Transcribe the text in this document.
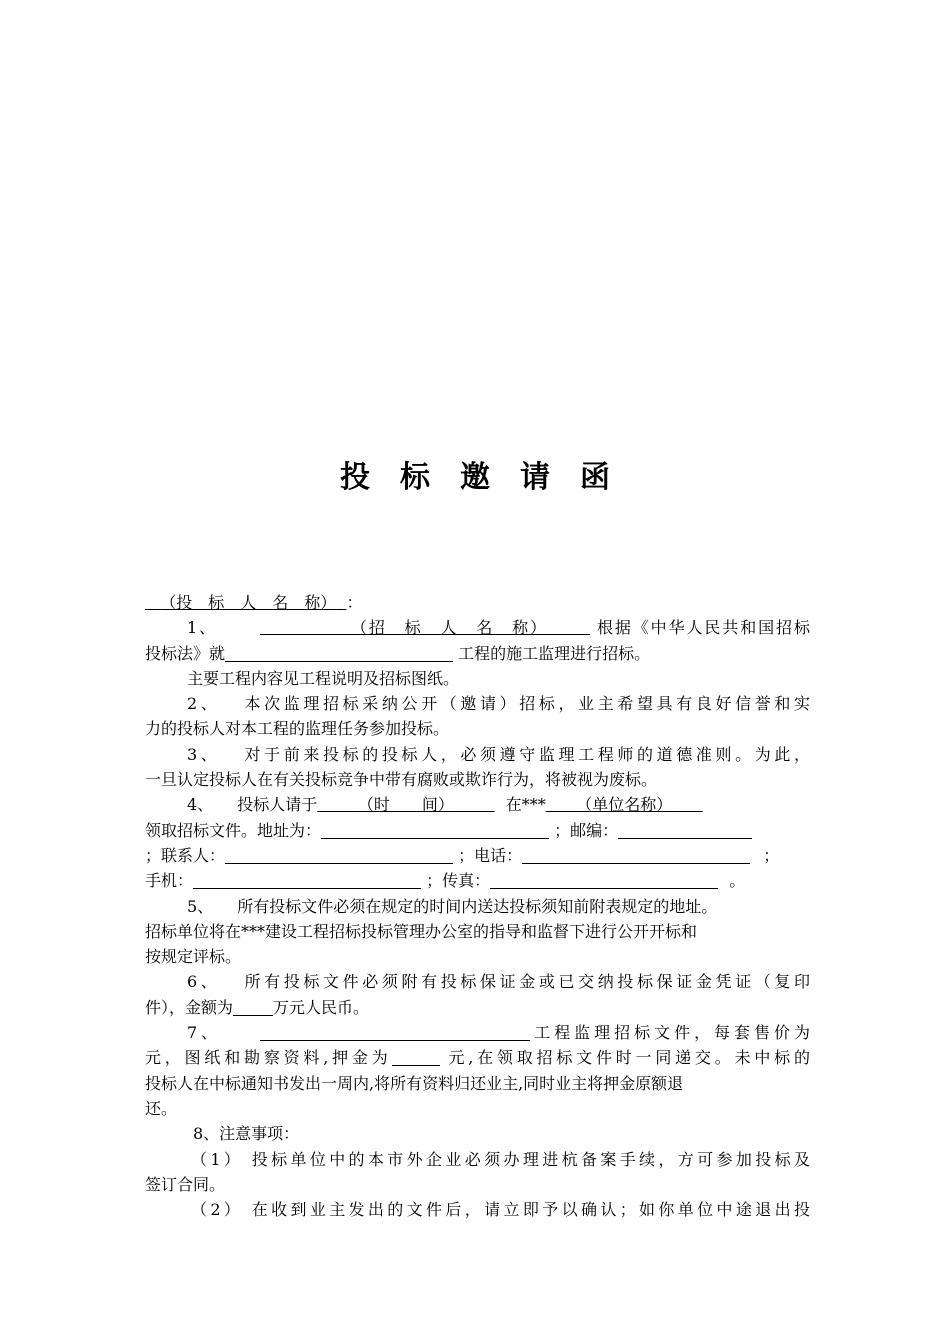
投标邀请函
（投　标　人　名　称） ：
1、	（招　标　人　名　称）	根据《中华人民共和国招标
投标法》就	工程的施工监理进行招标。
主要工程内容见工程说明及招标图纸。
2、 本次监理招标采纳公开（邀请）招标，业主希望具有良好信誉和实
力的投标人对本工程的监理任务参加投标。
3、 对于前来投标的投标人，必须遵守监理工程师的道德准则。为此，
一旦认定投标人在有关投标竞争中带有腐败或欺诈行为，将被视为废标。
4、 投标人请于	（时　　间）	在*** （单位名称）
领取招标文件。地址为：	；邮编：
；联系人：	；电话：	；
手机：	；传真：	。
5、 所有投标文件必须在规定的时间内送达投标须知前附表规定的地址。
招标单位将在***建设工程招标投标管理办公室的指导和监督下进行公开开标和
按规定评标。
6、 所有投标文件必须附有投标保证金或已交纳投标保证金凭证（复印
件），金额为	万元人民币。
7、	工程监理招标文件，每套售价为
元，图纸和勘察资料,押金为	元,在领取招标文件时一同递交。未中标的
投标人在中标通知书发出一周内,将所有资料归还业主,同时业主将押金原额退
还。
8、注意事项：
（1） 投标单位中的本市外企业必须办理进杭备案手续，方可参加投标及
签订合同。
（2） 在收到业主发出的文件后，请立即予以确认；如你单位中途退出投
